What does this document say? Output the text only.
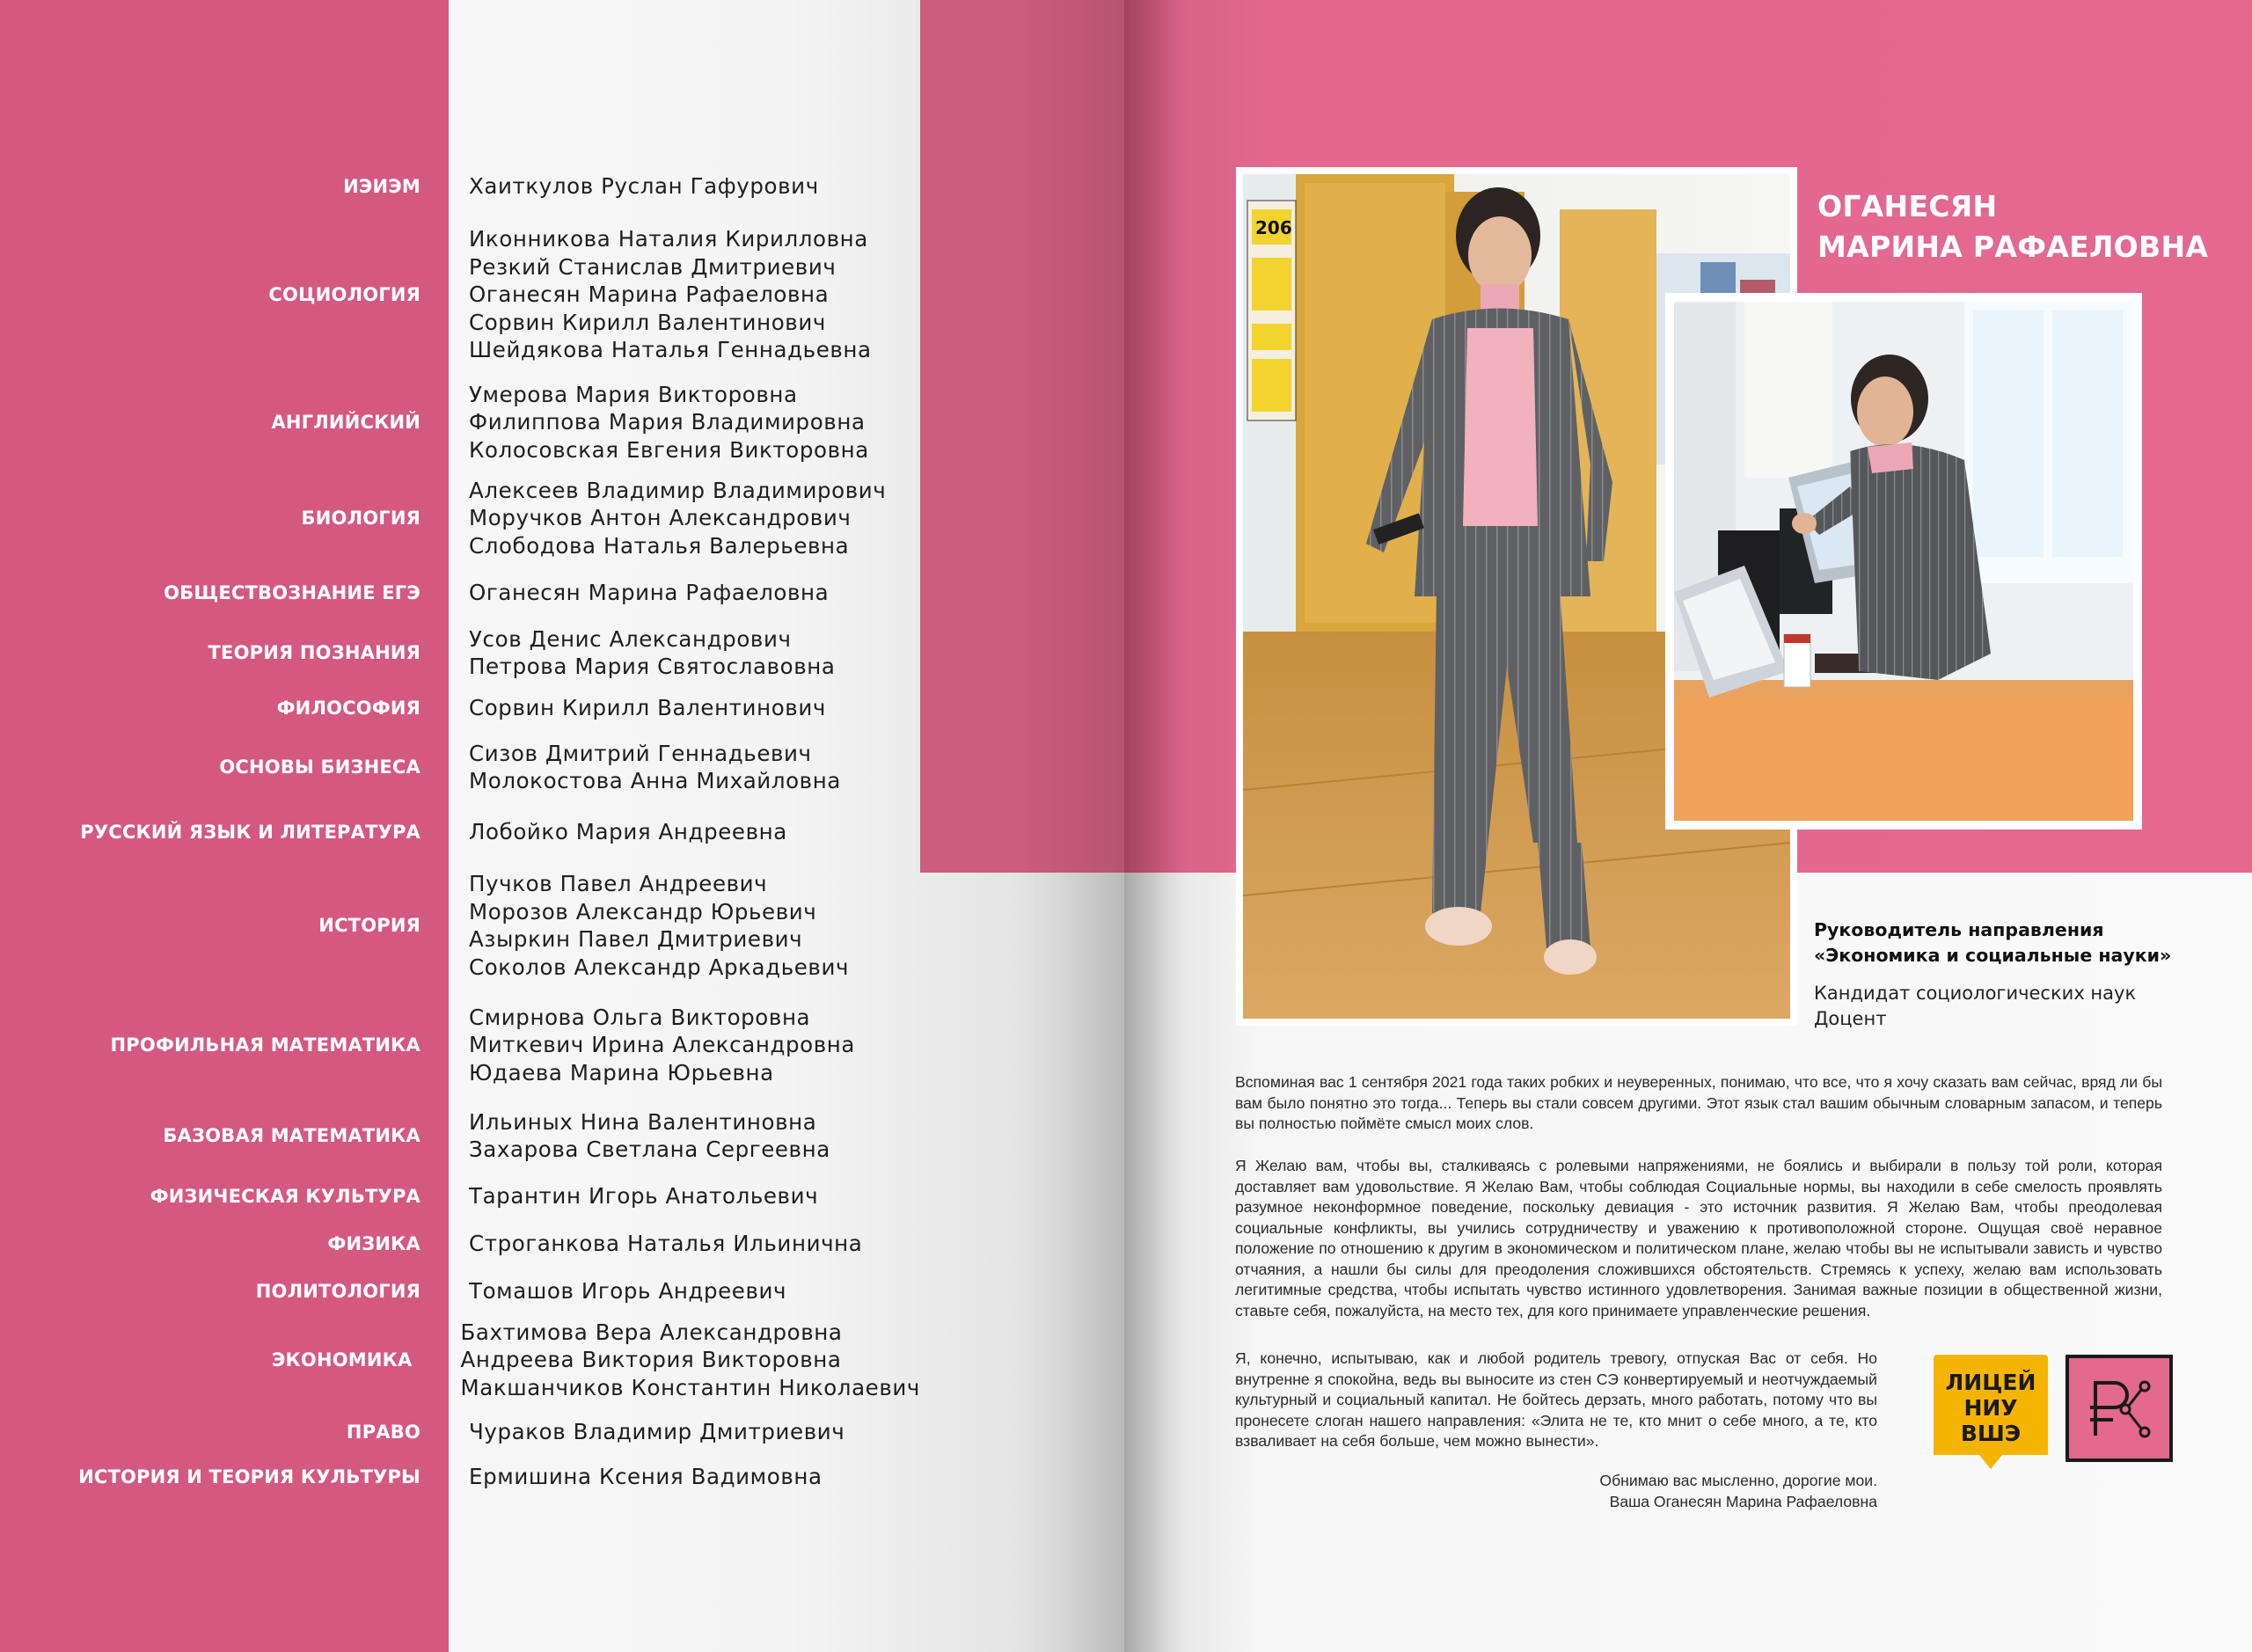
ИЭИЭМ Хаиткулов Руслан Гафурович
СОЦИОЛОГИЯ
Иконникова Наталия Кирилловна
Резкий Станислав Дмитриевич
Оганесян Марина Рафаеловна
Сорвин Кирилл Валентинович
Шейдякова Наталья Геннадьевна
АНГЛИЙСКИЙ
Умерова Мария Викторовна
Филиппова Мария Владимировна
Колосовская Евгения Викторовна
БИОЛОГИЯ
Алексеев Владимир Владимирович
Моручков Антон Александрович
Слободова Наталья Валерьевна
ОБЩЕСТВОЗНАНИЕ ЕГЭ Оганесян Марина Рафаеловна
ТЕОРИЯ ПОЗНАНИЯ
Усов Денис Александрович
Петрова Мария Святославовна
ФИЛОСОФИЯ Сорвин Кирилл Валентинович
ОСНОВЫ БИЗНЕСА
Сизов Дмитрий Геннадьевич
Молокостова Анна Михайловна
РУССКИЙ ЯЗЫК И ЛИТЕРАТУРА Лобойко Мария Андреевна
ИСТОРИЯ
Пучков Павел Андреевич
Морозов Александр Юрьевич
Азыркин Павел Дмитриевич
Соколов Александр Аркадьевич
ПРОФИЛЬНАЯ МАТЕМАТИКА
Смирнова Ольга Викторовна
Миткевич Ирина Александровна
Юдаева Марина Юрьевна
БАЗОВАЯ МАТЕМАТИКА
Ильиных Нина Валентиновна
Захарова Светлана Сергеевна
ФИЗИЧЕСКАЯ КУЛЬТУРА Тарантин Игорь Анатольевич
ФИЗИКА Строганкова Наталья Ильинична
ПОЛИТОЛОГИЯ Томашов Игорь Андреевич
ЭКОНОМИКА
Бахтимова Вера Александровна
Андреева Виктория Викторовна
Макшанчиков Константин Николаевич
ПРАВО Чураков Владимир Дмитриевич
ИСТОРИЯ И ТЕОРИЯ КУЛЬТУРЫ Ермишина Ксения Вадимовна
206
ОГАНЕСЯН
МАРИНА РАФАЕЛОВНА
Руководитель направления
«Экономика и социальные науки»
Кандидат социологических наук
Доцент
Вспоминая вас 1 сентября 2021 года таких робких и неуверенных, понимаю, что все, что я хочу сказать вам сейчас, вряд ли бы вам было понятно это тогда... Теперь вы стали совсем другими. Этот язык стал вашим обычным словарным запасом, и теперь вы полностью поймёте смысл моих слов.
Я Желаю вам, чтобы вы, сталкиваясь с ролевыми напряжениями, не боялись и выбирали в пользу той роли, которая доставляет вам удовольствие. Я Желаю Вам, чтобы соблюдая Социальные нормы, вы находили в себе смелость проявлять разумное неконформное поведение, поскольку девиация - это источник развития. Я Желаю Вам, чтобы преодолевая социальные конфликты, вы учились сотрудничеству и уважению к противоположной стороне. Ощущая своё неравное положение по отношению к другим в экономическом и политическом плане, желаю чтобы вы не испытывали зависть и чувство отчаяния, а нашли бы силы для преодоления сложившихся обстоятельств. Стремясь к успеху, желаю вам использовать легитимные средства, чтобы испытать чувство истинного удовлетворения. Занимая важные позиции в общественной жизни, ставьте себя, пожалуйста, на место тех, для кого принимаете управленческие решения.
Я, конечно, испытываю, как и любой родитель тревогу, отпуская Вас от себя. Но внутренне я спокойна, ведь вы выносите из стен СЭ конвертируемый и неотчуждаемый культурный и социальный капитал. Не бойтесь дерзать, много работать, потому что вы пронесете слоган нашего направления: «Элита не те, кто мнит о себе много, а те, кто взваливает на себя больше, чем можно вынести».
Обнимаю вас мысленно, дорогие мои.
Ваша Оганесян Марина Рафаеловна
ЛИЦЕЙ
НИУ
ВШЭ
